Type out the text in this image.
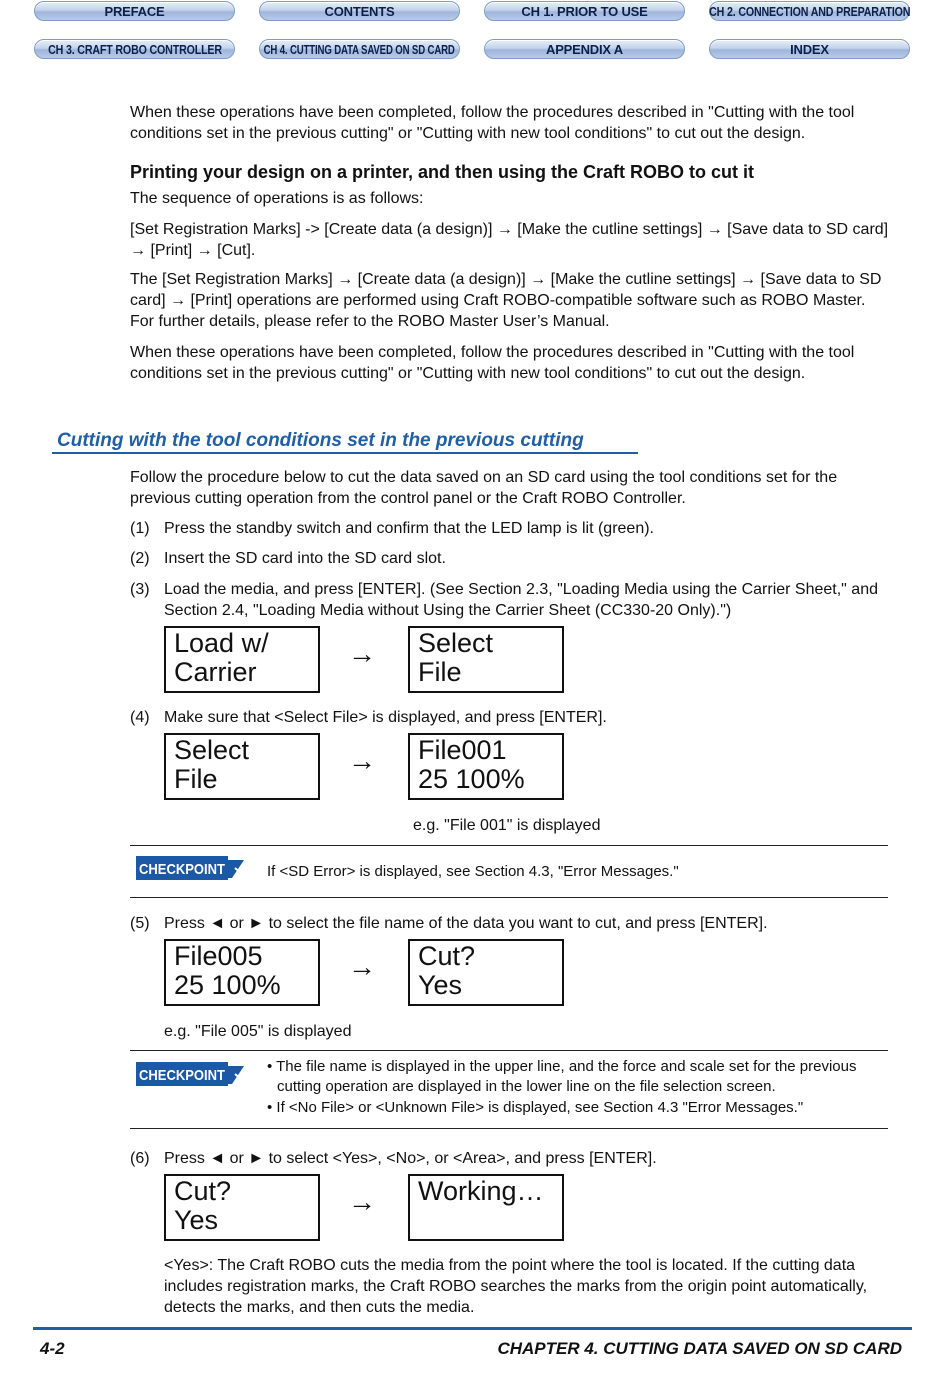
PREFACE	CONTENTS	CH 1. PRIOR TO USE	CH 2. CONNECTION AND PREPARATION
CH 3. CRAFT ROBO CONTROLLER	CH 4. CUTTING DATA SAVED ON SD CARD	APPENDIX A	INDEX
When these operations have been completed, follow the procedures described in "Cutting with the tool conditions set in the previous cutting" or "Cutting with new tool conditions" to cut out the design.
Printing your design on a printer, and then using the Craft ROBO to cut it
The sequence of operations is as follows:
[Set Registration Marks] -> [Create data (a design)] → [Make the cutline settings] → [Save data to SD card] → [Print] → [Cut].
The [Set Registration Marks] → [Create data (a design)] → [Make the cutline settings] → [Save data to SD card] → [Print] operations are performed using Craft ROBO-compatible software such as ROBO Master. For further details, please refer to the ROBO Master User’s Manual.
When these operations have been completed, follow the procedures described in "Cutting with the tool conditions set in the previous cutting" or "Cutting with new tool conditions" to cut out the design.
Cutting with the tool conditions set in the previous cutting
Follow the procedure below to cut the data saved on an SD card using the tool conditions set for the previous cutting operation from the control panel or the Craft ROBO Controller.
(1) Press the standby switch and confirm that the LED lamp is lit (green).
(2) Insert the SD card into the SD card slot.
(3) Load the media, and press [ENTER]. (See Section 2.3, "Loading Media using the Carrier Sheet," and Section 2.4, "Loading Media without Using the Carrier Sheet (CC330-20 Only).")
Load w/
Carrier
→ Select
File
(4) Make sure that <Select File> is displayed, and press [ENTER].
Select
File
→ File001
25 100%
e.g. "File 001" is displayed
CHECKPOINT	If <SD Error> is displayed, see Section 4.3, "Error Messages."
(5) Press ◄ or ► to select the file name of the data you want to cut, and press [ENTER].
File005
25 100%
→ Cut?
Yes
e.g. "File 005" is displayed
CHECKPOINT
• The file name is displayed in the upper line, and the force and scale set for the previous cutting operation are displayed in the lower line on the file selection screen.
• If <No File> or <Unknown File> is displayed, see Section 4.3 "Error Messages."
(6) Press ◄ or ► to select <Yes>, <No>, or <Area>, and press [ENTER].
Cut?
Yes
→ Working…
<Yes>: The Craft ROBO cuts the media from the point where the tool is located. If the cutting data includes registration marks, the Craft ROBO searches the marks from the origin point automatically, detects the marks, and then cuts the media.
4-2	CHAPTER 4. CUTTING DATA SAVED ON SD CARD
